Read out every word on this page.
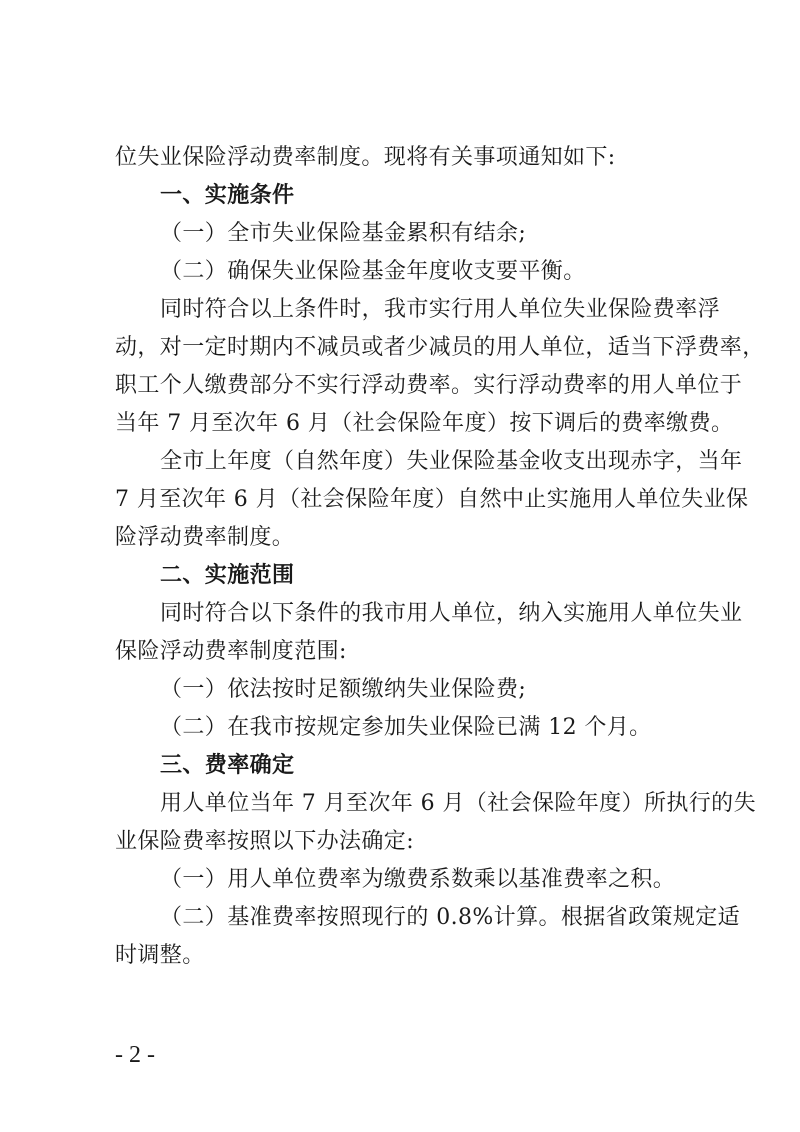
位失业保险浮动费率制度。现将有关事项通知如下:
一、实施条件
（一）全市失业保险基金累积有结余;
（二）确保失业保险基金年度收支要平衡。
同时符合以上条件时，我市实行用人单位失业保险费率浮
动，对一定时期内不减员或者少减员的用人单位，适当下浮费率，
职工个人缴费部分不实行浮动费率。实行浮动费率的用人单位于
当年 7 月至次年 6 月（社会保险年度）按下调后的费率缴费。
全市上年度（自然年度）失业保险基金收支出现赤字，当年
7 月至次年 6 月（社会保险年度）自然中止实施用人单位失业保
险浮动费率制度。
二、实施范围
同时符合以下条件的我市用人单位，纳入实施用人单位失业
保险浮动费率制度范围:
（一）依法按时足额缴纳失业保险费;
（二）在我市按规定参加失业保险已满 12 个月。
三、费率确定
用人单位当年 7 月至次年 6 月（社会保险年度）所执行的失
业保险费率按照以下办法确定:
（一）用人单位费率为缴费系数乘以基准费率之积。
（二）基准费率按照现行的 0.8%计算。根据省政策规定适
时调整。
- 2 -
